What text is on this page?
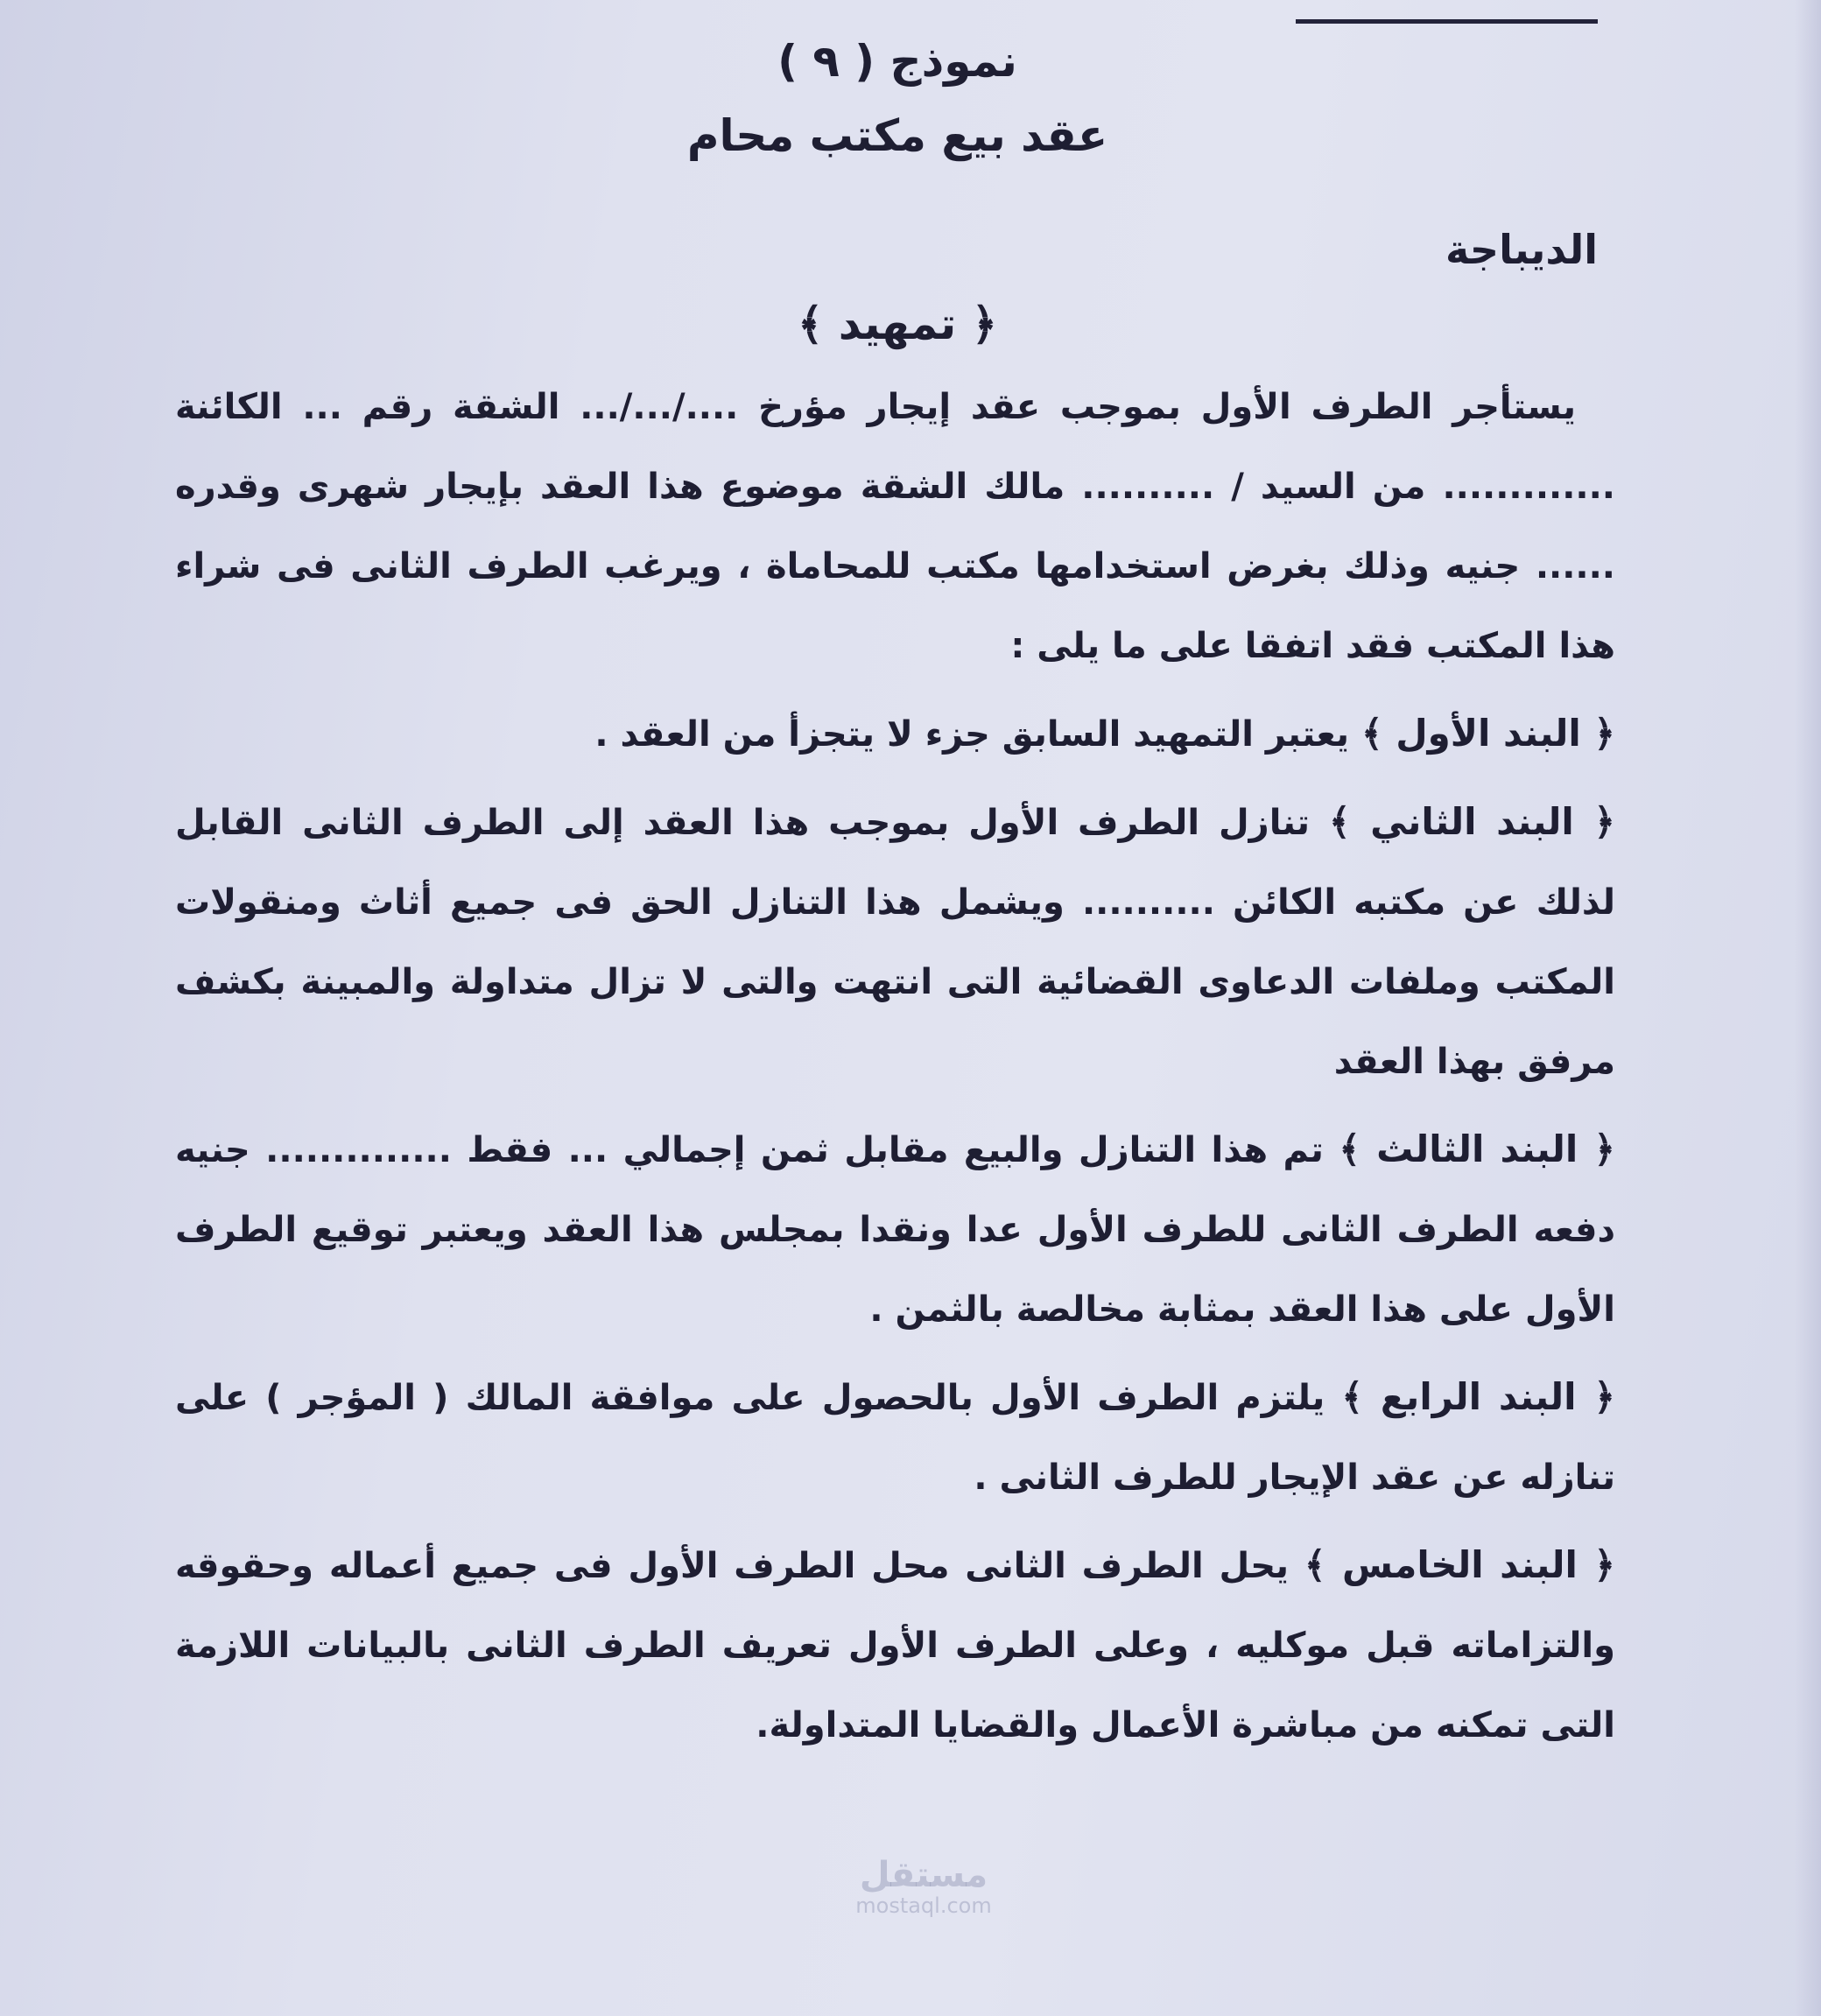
نموذج ( ٩ )
عقد بيع مكتب محام
الديباجة
﴿ تمهيد ﴾

يستأجر الطرف الأول بموجب عقد إيجار مؤرخ ..../.../... الشقة رقم ... الكائنة ............. من السيد / .......... مالك الشقة موضوع هذا العقد بإيجار شهرى وقدره ...... جنيه وذلك بغرض استخدامها مكتب للمحاماة ، ويرغب الطرف الثانى فى شراء هذا المكتب فقد اتفقا على ما يلى :

﴿ البند الأول ﴾ يعتبر التمهيد السابق جزء لا يتجزأ من العقد .

﴿ البند الثاني ﴾ تنازل الطرف الأول بموجب هذا العقد إلى الطرف الثانى القابل لذلك عن مكتبه الكائن .......... ويشمل هذا التنازل الحق فى جميع أثاث ومنقولات المكتب وملفات الدعاوى القضائية التى انتهت والتى لا تزال متداولة والمبينة بكشف مرفق بهذا العقد

﴿ البند الثالث ﴾ تم هذا التنازل والبيع مقابل ثمن إجمالي ... فقط .............. جنيه دفعه الطرف الثانى للطرف الأول عدا ونقدا بمجلس هذا العقد ويعتبر توقيع الطرف الأول على هذا العقد بمثابة مخالصة بالثمن .

﴿ البند الرابع ﴾ يلتزم الطرف الأول بالحصول على موافقة المالك ( المؤجر ) على تنازله عن عقد الإيجار للطرف الثانى .

﴿ البند الخامس ﴾ يحل الطرف الثانى محل الطرف الأول فى جميع أعماله وحقوقه والتزاماته قبل موكليه ، وعلى الطرف الأول تعريف الطرف الثانى بالبيانات اللازمة التى تمكنه من مباشرة الأعمال والقضايا المتداولة.

مستقل
mostaql.com
